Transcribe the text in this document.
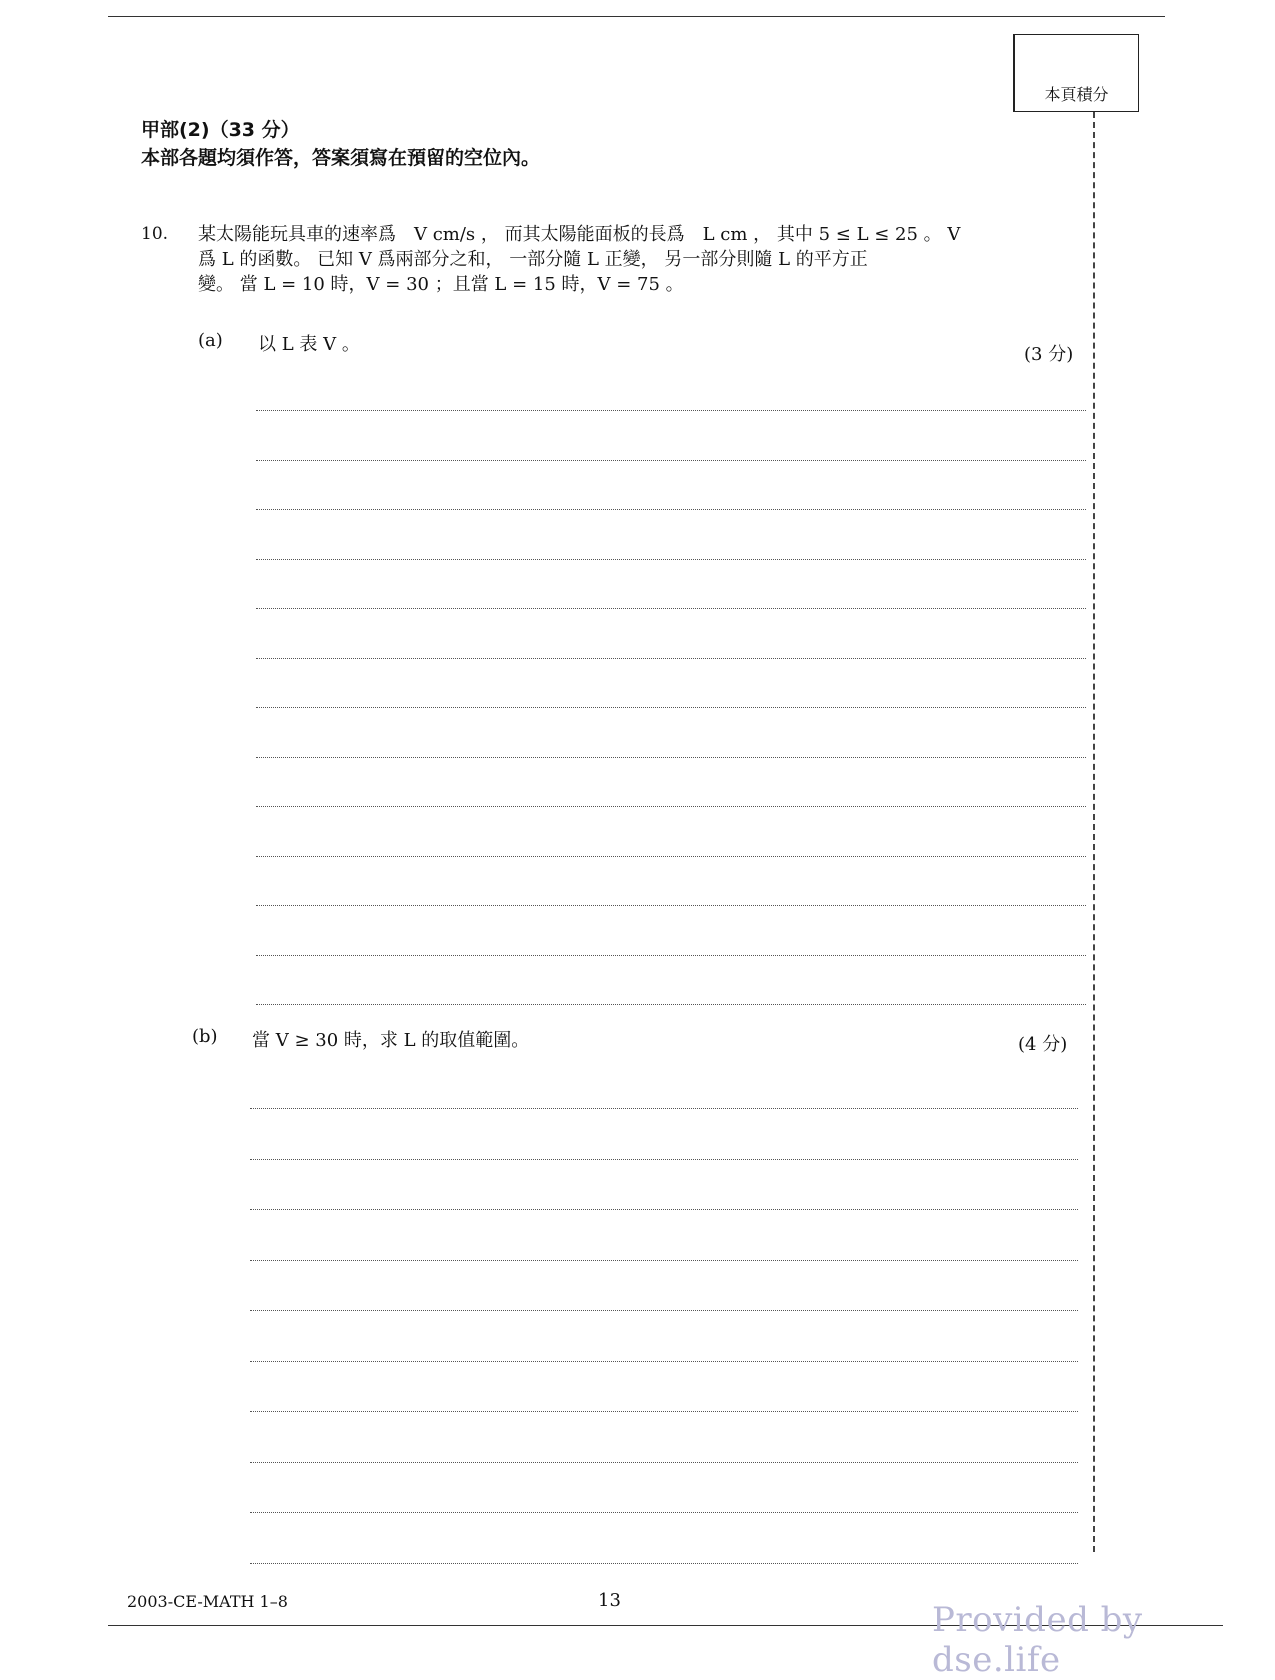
本頁積分
甲部(2)（33 分）
本部各題均須作答，答案須寫在預留的空位內。
10. 某太陽能玩具車的速率爲　V cm/s ， 而其太陽能面板的長爲　L cm ， 其中 5 ≤ L ≤ 25 。 V
爲 L 的函數。 已知 V 爲兩部分之和， 一部分隨 L 正變， 另一部分則隨 L 的平方正
變。 當 L = 10 時，V = 30 ；且當 L = 15 時，V = 75 。
(a) 以 L 表 V 。	(3 分)
(b) 當 V ≥ 30 時，求 L 的取值範圍。	(4 分)
2003-CE-MATH 1–8	13	Provided by dse.life
